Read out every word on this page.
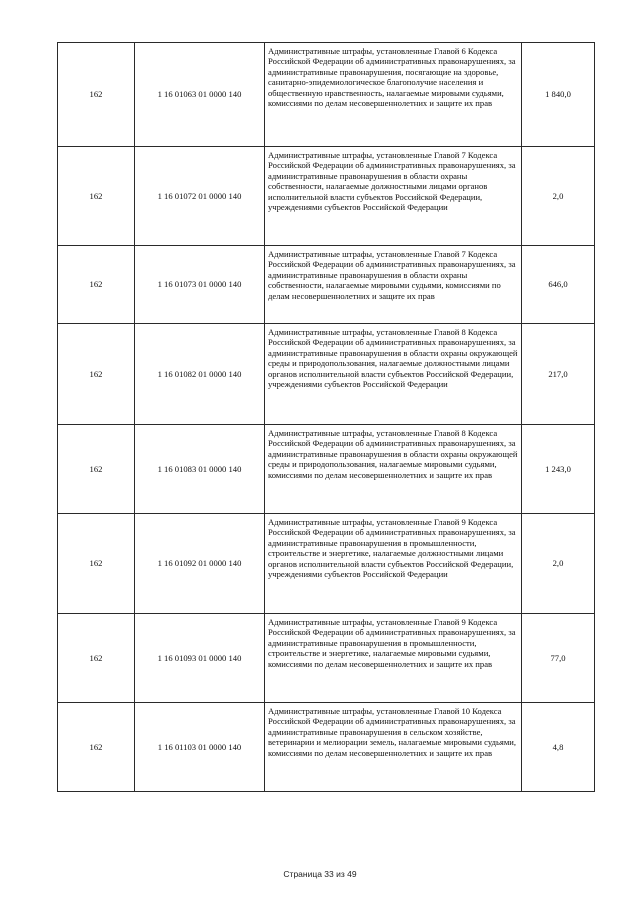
162	1 16 01063 01 0000 140	Административные штрафы, установленные Главой 6 Кодекса Российской Федерации об административных правонарушениях, за административные правонарушения, посягающие на здоровье, санитарно-эпидемиологическое благополучие населения и общественную нравственность, налагаемые мировыми судьями, комиссиями по делам несовершеннолетних и защите их прав	1 840,0
162	1 16 01072 01 0000 140	Административные штрафы, установленные Главой 7 Кодекса Российской Федерации об административных правонарушениях, за административные правонарушения в области охраны собственности, налагаемые должностными лицами органов исполнительной власти субъектов Российской Федерации, учреждениями субъектов Российской Федерации	2,0
162	1 16 01073 01 0000 140	Административные штрафы, установленные Главой 7 Кодекса Российской Федерации об административных правонарушениях, за административные правонарушения в области охраны собственности, налагаемые мировыми судьями, комиссиями по делам несовершеннолетних и защите их прав	646,0
162	1 16 01082 01 0000 140	Административные штрафы, установленные Главой 8 Кодекса Российской Федерации об административных правонарушениях, за административные правонарушения в области охраны окружающей среды и природопользования, налагаемые должностными лицами органов исполнительной власти субъектов Российской Федерации, учреждениями субъектов Российской Федерации	217,0
162	1 16 01083 01 0000 140	Административные штрафы, установленные Главой 8 Кодекса Российской Федерации об административных правонарушениях, за административные правонарушения в области охраны окружающей среды и природопользования, налагаемые мировыми судьями, комиссиями по делам несовершеннолетних и защите их прав	1 243,0
162	1 16 01092 01 0000 140	Административные штрафы, установленные Главой 9 Кодекса Российской Федерации об административных правонарушениях, за административные правонарушения в промышленности, строительстве и энергетике, налагаемые должностными лицами органов исполнительной власти субъектов Российской Федерации, учреждениями субъектов Российской Федерации	2,0
162	1 16 01093 01 0000 140	Административные штрафы, установленные Главой 9 Кодекса Российской Федерации об административных правонарушениях, за административные правонарушения в промышленности, строительстве и энергетике, налагаемые мировыми судьями, комиссиями по делам несовершеннолетних и защите их прав	77,0
162	1 16 01103 01 0000 140	Административные штрафы, установленные Главой 10 Кодекса Российской Федерации об административных правонарушениях, за административные правонарушения в сельском хозяйстве, ветеринарии и мелиорации земель, налагаемые мировыми судьями, комиссиями по делам несовершеннолетних и защите их прав	4,8
Страница 33 из 49
